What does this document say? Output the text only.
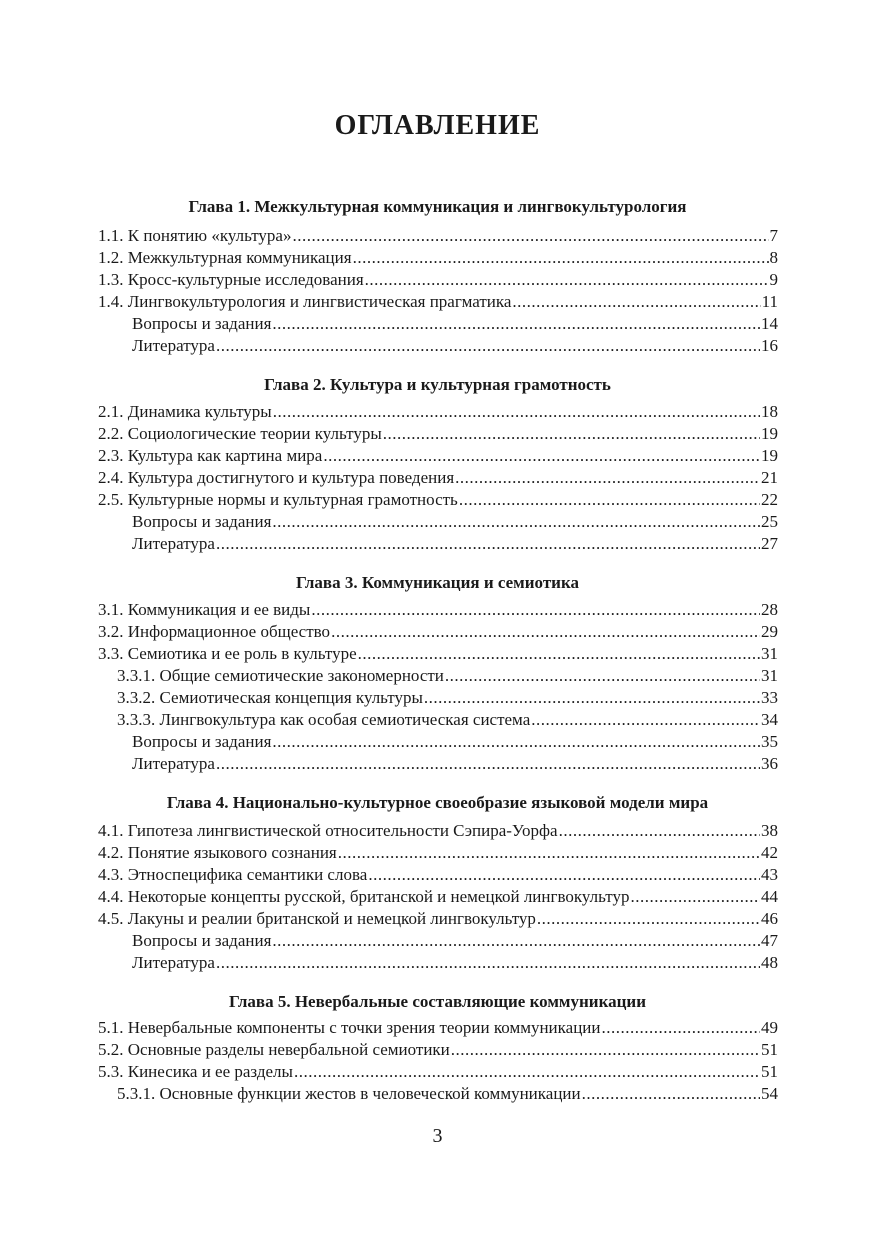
ОГЛАВЛЕНИЕ
Глава 1. Межкультурная коммуникация и лингвокультурология
1.1. К понятию «культура» .....	7
1.2. Межкультурная коммуникация .....	8
1.3. Кросс-культурные исследования .....	9
1.4. Лингвокультурология и лингвистическая прагматика .....	11
Вопросы и задания .....	14
Литература .....	16
Глава 2. Культура и культурная грамотность
2.1. Динамика культуры .....	18
2.2. Социологические теории культуры .....	19
2.3. Культура как картина мира .....	19
2.4. Культура достигнутого и культура поведения .....	21
2.5. Культурные нормы и культурная грамотность .....	22
Вопросы и задания .....	25
Литература .....	27
Глава 3. Коммуникация и семиотика
3.1. Коммуникация и ее виды .....	28
3.2. Информационное общество .....	29
3.3. Семиотика и ее роль в культуре .....	31
3.3.1. Общие семиотические закономерности .....	31
3.3.2. Семиотическая концепция культуры .....	33
3.3.3. Лингвокультура как особая семиотическая система .....	34
Вопросы и задания .....	35
Литература .....	36
Глава 4. Национально-культурное своеобразие языковой модели мира
4.1. Гипотеза лингвистической относительности Сэпира-Уорфа .....	38
4.2. Понятие языкового сознания .....	42
4.3. Этноспецифика семантики слова .....	43
4.4. Некоторые концепты русской, британской и немецкой лингвокультур .....	44
4.5. Лакуны и реалии британской и немецкой лингвокультур .....	46
Вопросы и задания .....	47
Литература .....	48
Глава 5. Невербальные составляющие коммуникации
5.1. Невербальные компоненты с точки зрения теории коммуникации .....	49
5.2. Основные разделы невербальной семиотики .....	51
5.3. Кинесика и ее разделы .....	51
5.3.1. Основные функции жестов в человеческой коммуникации .....	54
3
